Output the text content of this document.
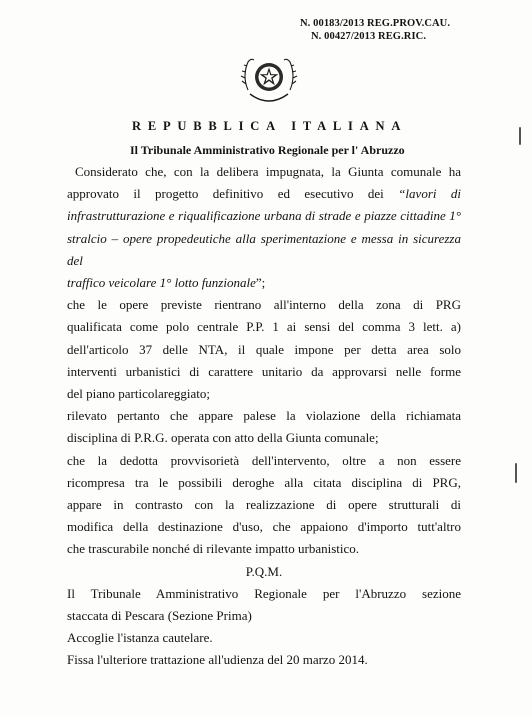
N. 00183/2013 REG.PROV.CAU.
N. 00427/2013 REG.RIC.
REPUBBLICA ITALIANA
Il Tribunale Amministrativo Regionale per l' Abruzzo

Considerato che, con la delibera impugnata, la Giunta comunale ha

approvato il progetto definitivo ed esecutivo dei “lavori di

infrastrutturazione e riqualificazione urbana di strade e piazze cittadine 1°

stralcio – opere propedeutiche alla sperimentazione e messa in sicurezza del

traffico veicolare 1° lotto funzionale”;

che le opere previste rientrano all'interno della zona di PRG

qualificata come polo centrale P.P. 1 ai sensi del comma 3 lett. a)

dell'articolo 37 delle NTA, il quale impone per detta area solo

interventi urbanistici di carattere unitario da approvarsi nelle forme

del piano particolareggiato;

rilevato pertanto che appare palese la violazione della richiamata

disciplina di P.R.G. operata con atto della Giunta comunale;

che la dedotta provvisorietà dell'intervento, oltre a non essere

ricompresa tra le possibili deroghe alla citata disciplina di PRG,

appare in contrasto con la realizzazione di opere strutturali di

modifica della destinazione d'uso, che appaiono d'importo tutt'altro

che trascurabile nonché di rilevante impatto urbanistico.

P.Q.M.

Il Tribunale Amministrativo Regionale per l'Abruzzo sezione

staccata di Pescara (Sezione Prima)

Accoglie l'istanza cautelare.

Fissa l'ulteriore trattazione all'udienza del 20 marzo 2014.
